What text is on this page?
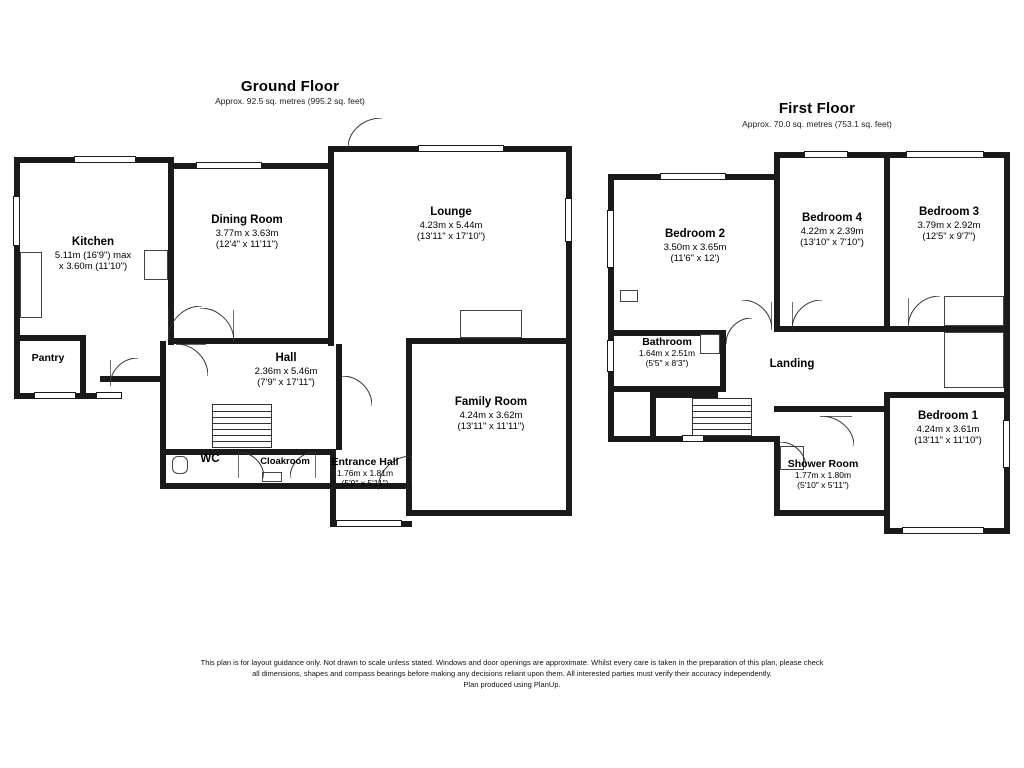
Ground Floor
Approx. 92.5 sq. metres (995.2 sq. feet)
Kitchen
5.11m (16'9") max
x 3.60m (11'10")
Pantry
Dining Room
3.77m x 3.63m
(12'4" x 11'11")
Lounge
4.23m x 5.44m
(13'11" x 17'10")
Hall
2.36m x 5.46m
(7'9" x 17'11")
Family Room
4.24m x 3.62m
(13'11" x 11'11")
WC	Cloakroom	Entrance Hall
1.76m x 1.81m
(5'9" x 5'11")
First Floor
Approx. 70.0 sq. metres (753.1 sq. feet)
Bedroom 2
3.50m x 3.65m
(11'6" x 12')
Bedroom 4
4.22m x 2.39m
(13'10" x 7'10")
Bedroom 3
3.79m x 2.92m
(12'5" x 9'7")
Bathroom
1.64m x 2.51m
(5'5" x 8'3")	Landing
Bedroom 1
4.24m x 3.61m
(13'11" x 11'10")
Shower Room
1.77m x 1.80m
(5'10" x 5'11")
This plan is for layout guidance only. Not drawn to scale unless stated. Windows and door openings are approximate. Whilst every care is taken in the preparation of this plan, please check
all dimensions, shapes and compass bearings before making any decisions reliant upon them. All interested parties must verify their accuracy independently.
Plan produced using PlanUp.
